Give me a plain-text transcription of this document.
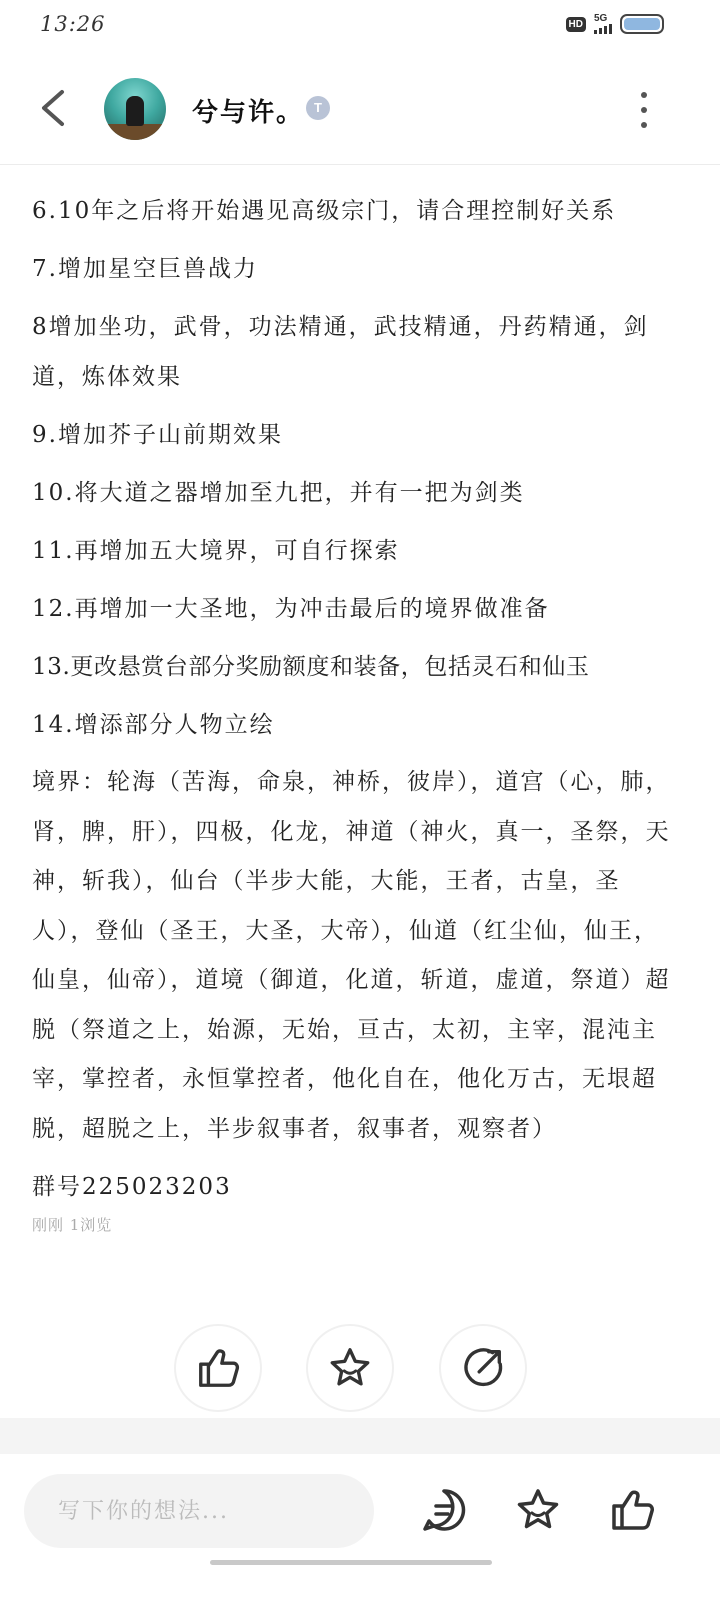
13:26	HD	5G
兮与许。 T
6.10年之后将开始遇见高级宗门，请合理控制好关系
7.增加星空巨兽战力
8增加坐功，武骨，功法精通，武技精通，丹药精通，剑道，炼体效果
9.增加芥子山前期效果
10.将大道之器增加至九把，并有一把为剑类
11.再增加五大境界，可自行探索
12.再增加一大圣地，为冲击最后的境界做准备
13.更改悬赏台部分奖励额度和装备，包括灵石和仙玉
14.增添部分人物立绘
境界：轮海（苦海，命泉，神桥，彼岸），道宫（心，肺，肾，脾，肝），四极，化龙，神道（神火，真一，圣祭，天神，斩我），仙台（半步大能，大能，王者，古皇，圣人），登仙（圣王，大圣，大帝），仙道（红尘仙，仙王，仙皇，仙帝），道境（御道，化道，斩道，虚道，祭道）超脱（祭道之上，始源，无始，亘古，太初，主宰，混沌主宰，掌控者，永恒掌控者，他化自在，他化万古，无垠超脱，超脱之上，半步叙事者，叙事者，观察者）
群号225023203
刚刚 1浏览
写下你的想法...
